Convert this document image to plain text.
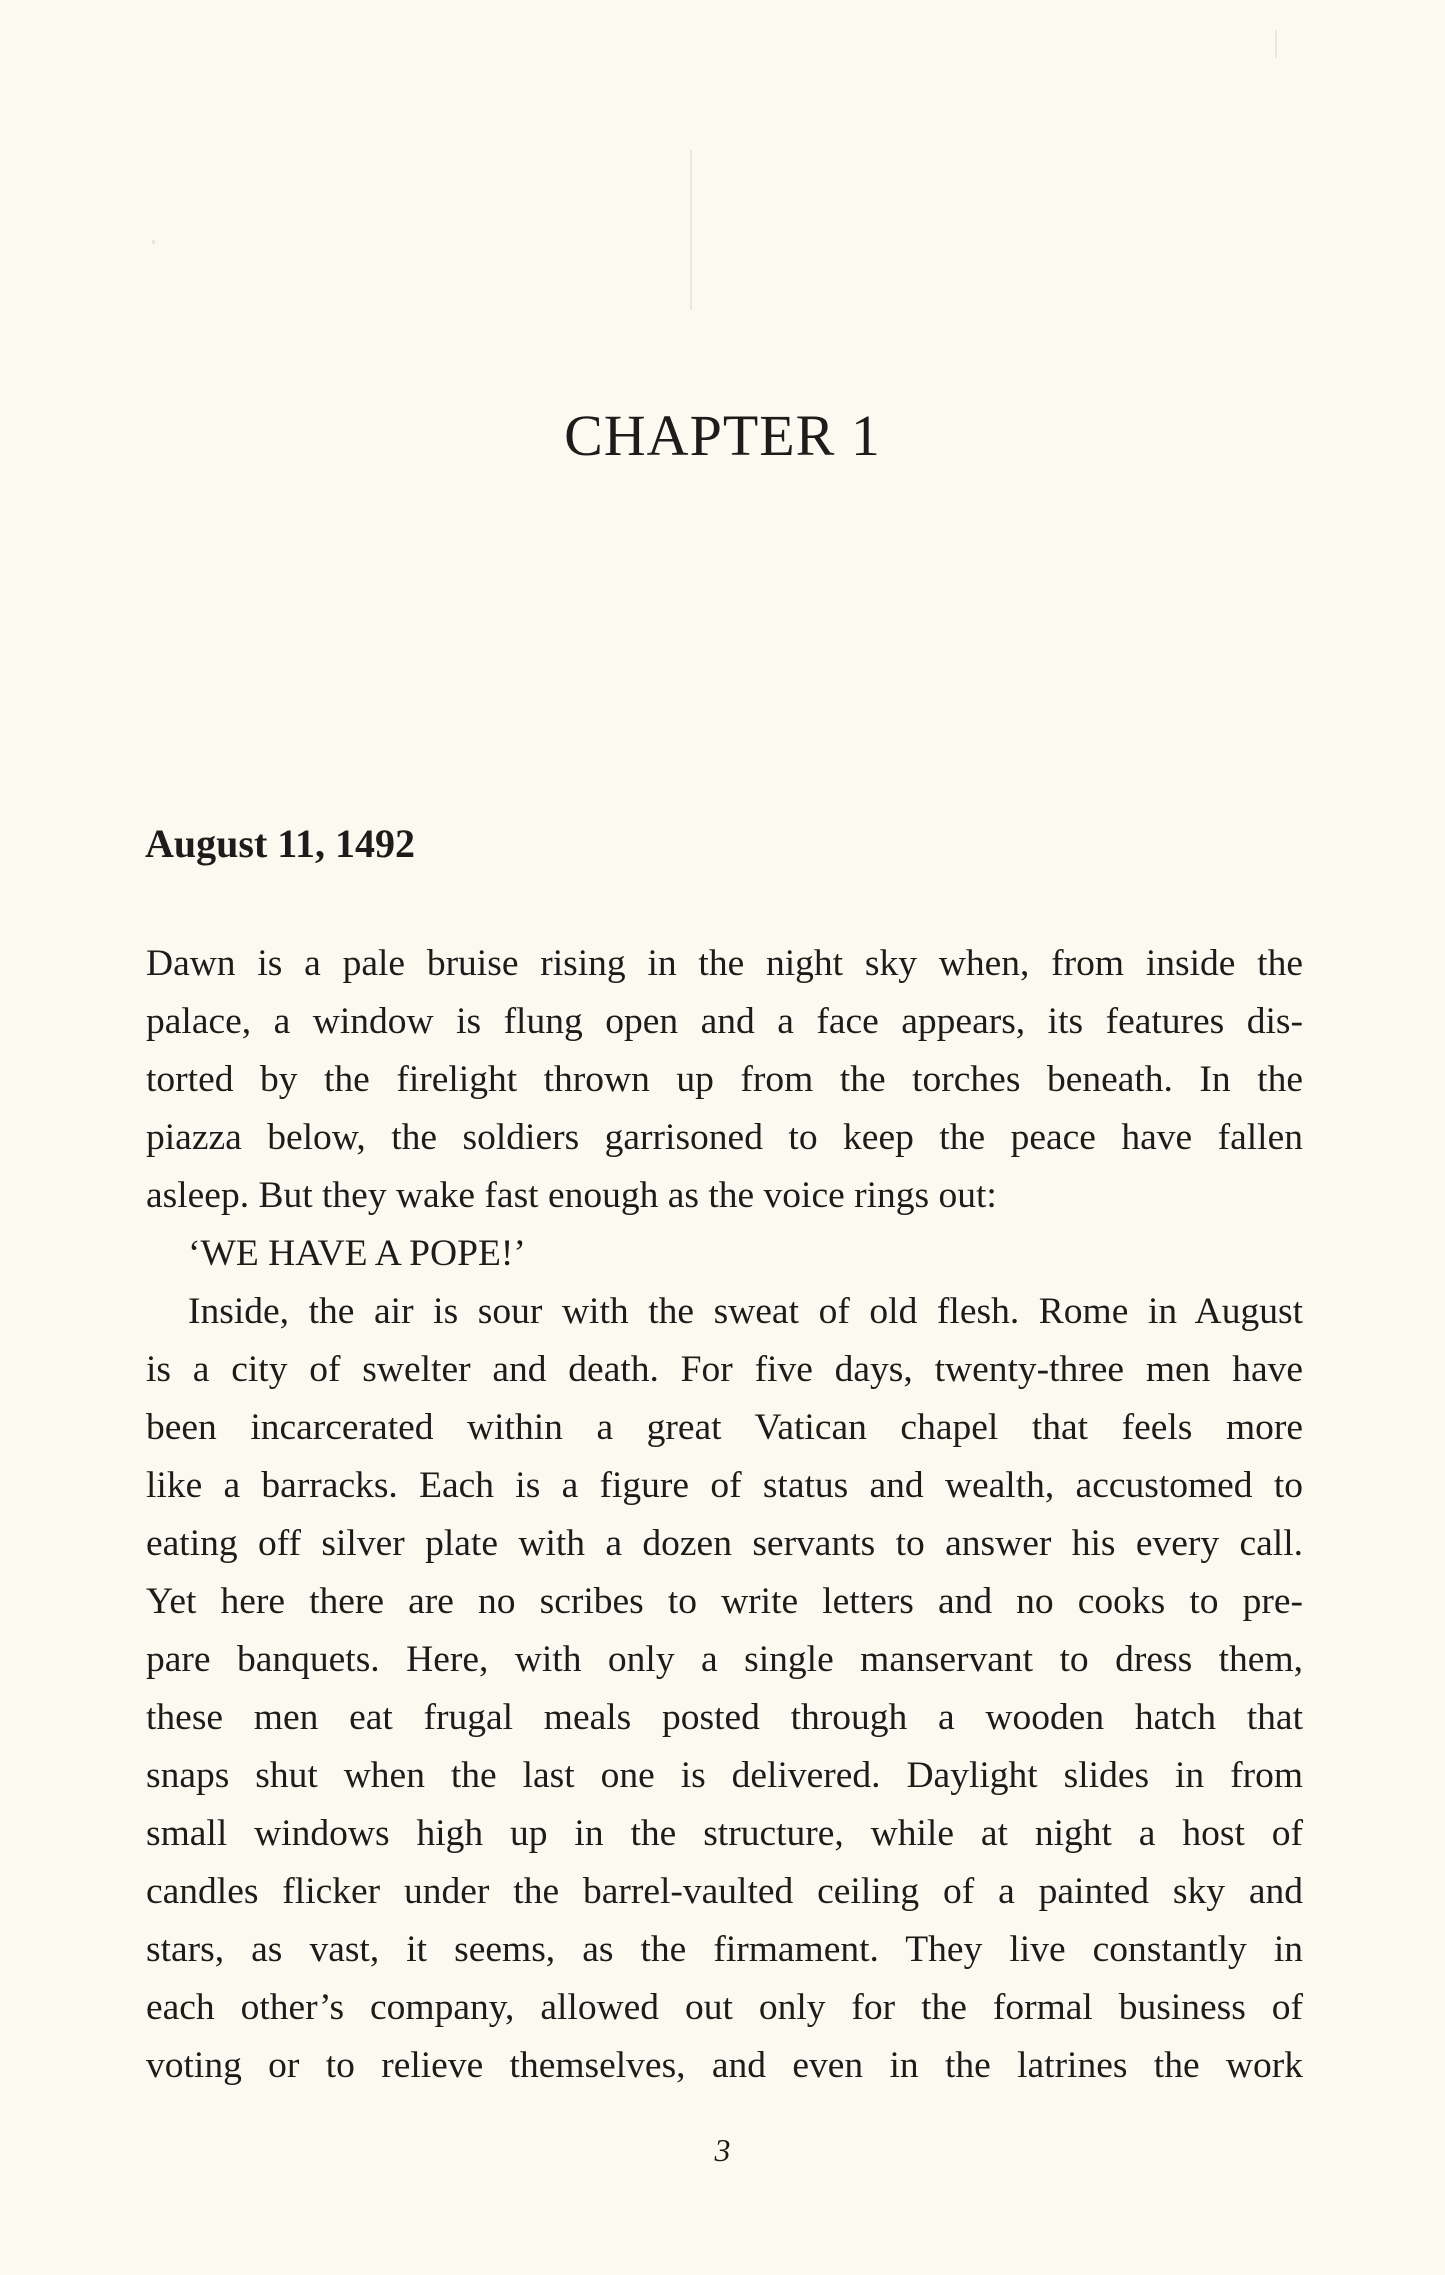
CHAPTER 1
August 11, 1492
Dawn is a pale bruise rising in the night sky when, from inside the
palace, a window is flung open and a face appears, its features dis-
torted by the firelight thrown up from the torches beneath. In the
piazza below, the soldiers garrisoned to keep the peace have fallen
asleep. But they wake fast enough as the voice rings out:
‘WE HAVE A POPE!’
Inside, the air is sour with the sweat of old flesh. Rome in August
is a city of swelter and death. For five days, twenty-three men have
been incarcerated within a great Vatican chapel that feels more
like a barracks. Each is a figure of status and wealth, accustomed to
eating off silver plate with a dozen servants to answer his every call.
Yet here there are no scribes to write letters and no cooks to pre-
pare banquets. Here, with only a single manservant to dress them,
these men eat frugal meals posted through a wooden hatch that
snaps shut when the last one is delivered. Daylight slides in from
small windows high up in the structure, while at night a host of
candles flicker under the barrel-vaulted ceiling of a painted sky and
stars, as vast, it seems, as the firmament. They live constantly in
each other’s company, allowed out only for the formal business of
voting or to relieve themselves, and even in the latrines the work
3
